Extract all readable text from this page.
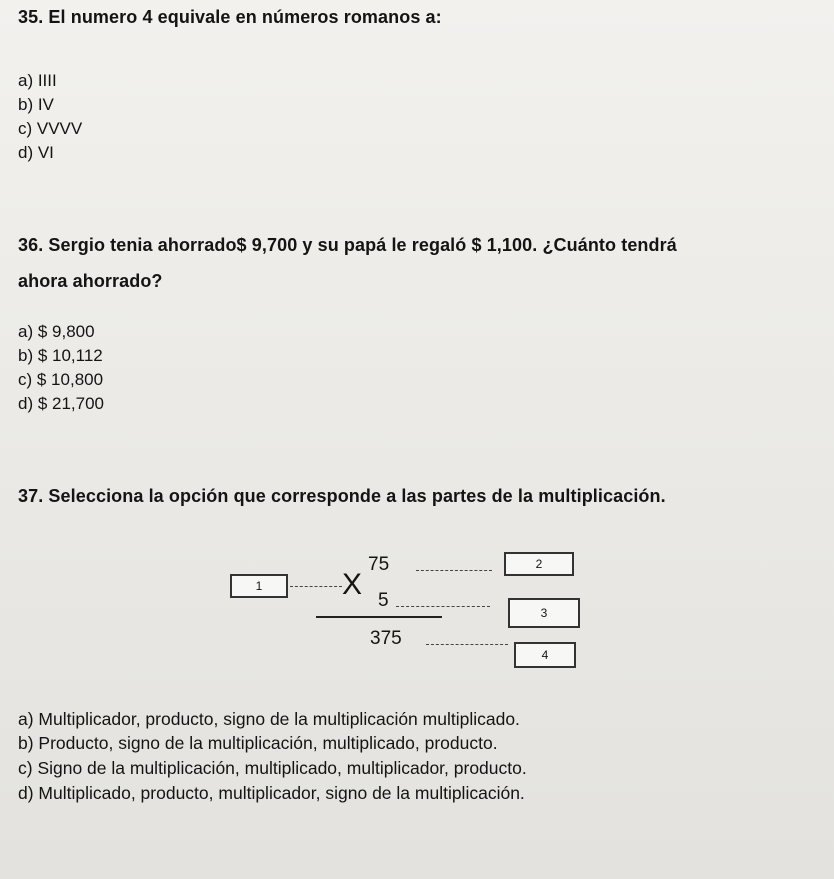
35. El numero 4 equivale en números romanos a:
a) IIII
b) IV
c) VVVV
d) VI
36. Sergio tenia ahorrado$ 9,700 y su papá le regaló $ 1,100. ¿Cuánto tendrá
ahora ahorrado?
a) $ 9,800
b) $ 10,112
c) $ 10,800
d) $ 21,700
37. Selecciona la opción que corresponde a las partes de la multiplicación.
1	X
75	2
5
3
375
4
a) Multiplicador, producto, signo de la multiplicación multiplicado.
b) Producto, signo de la multiplicación, multiplicado, producto.
c) Signo de la multiplicación, multiplicado, multiplicador, producto.
d) Multiplicado, producto, multiplicador, signo de la multiplicación.
